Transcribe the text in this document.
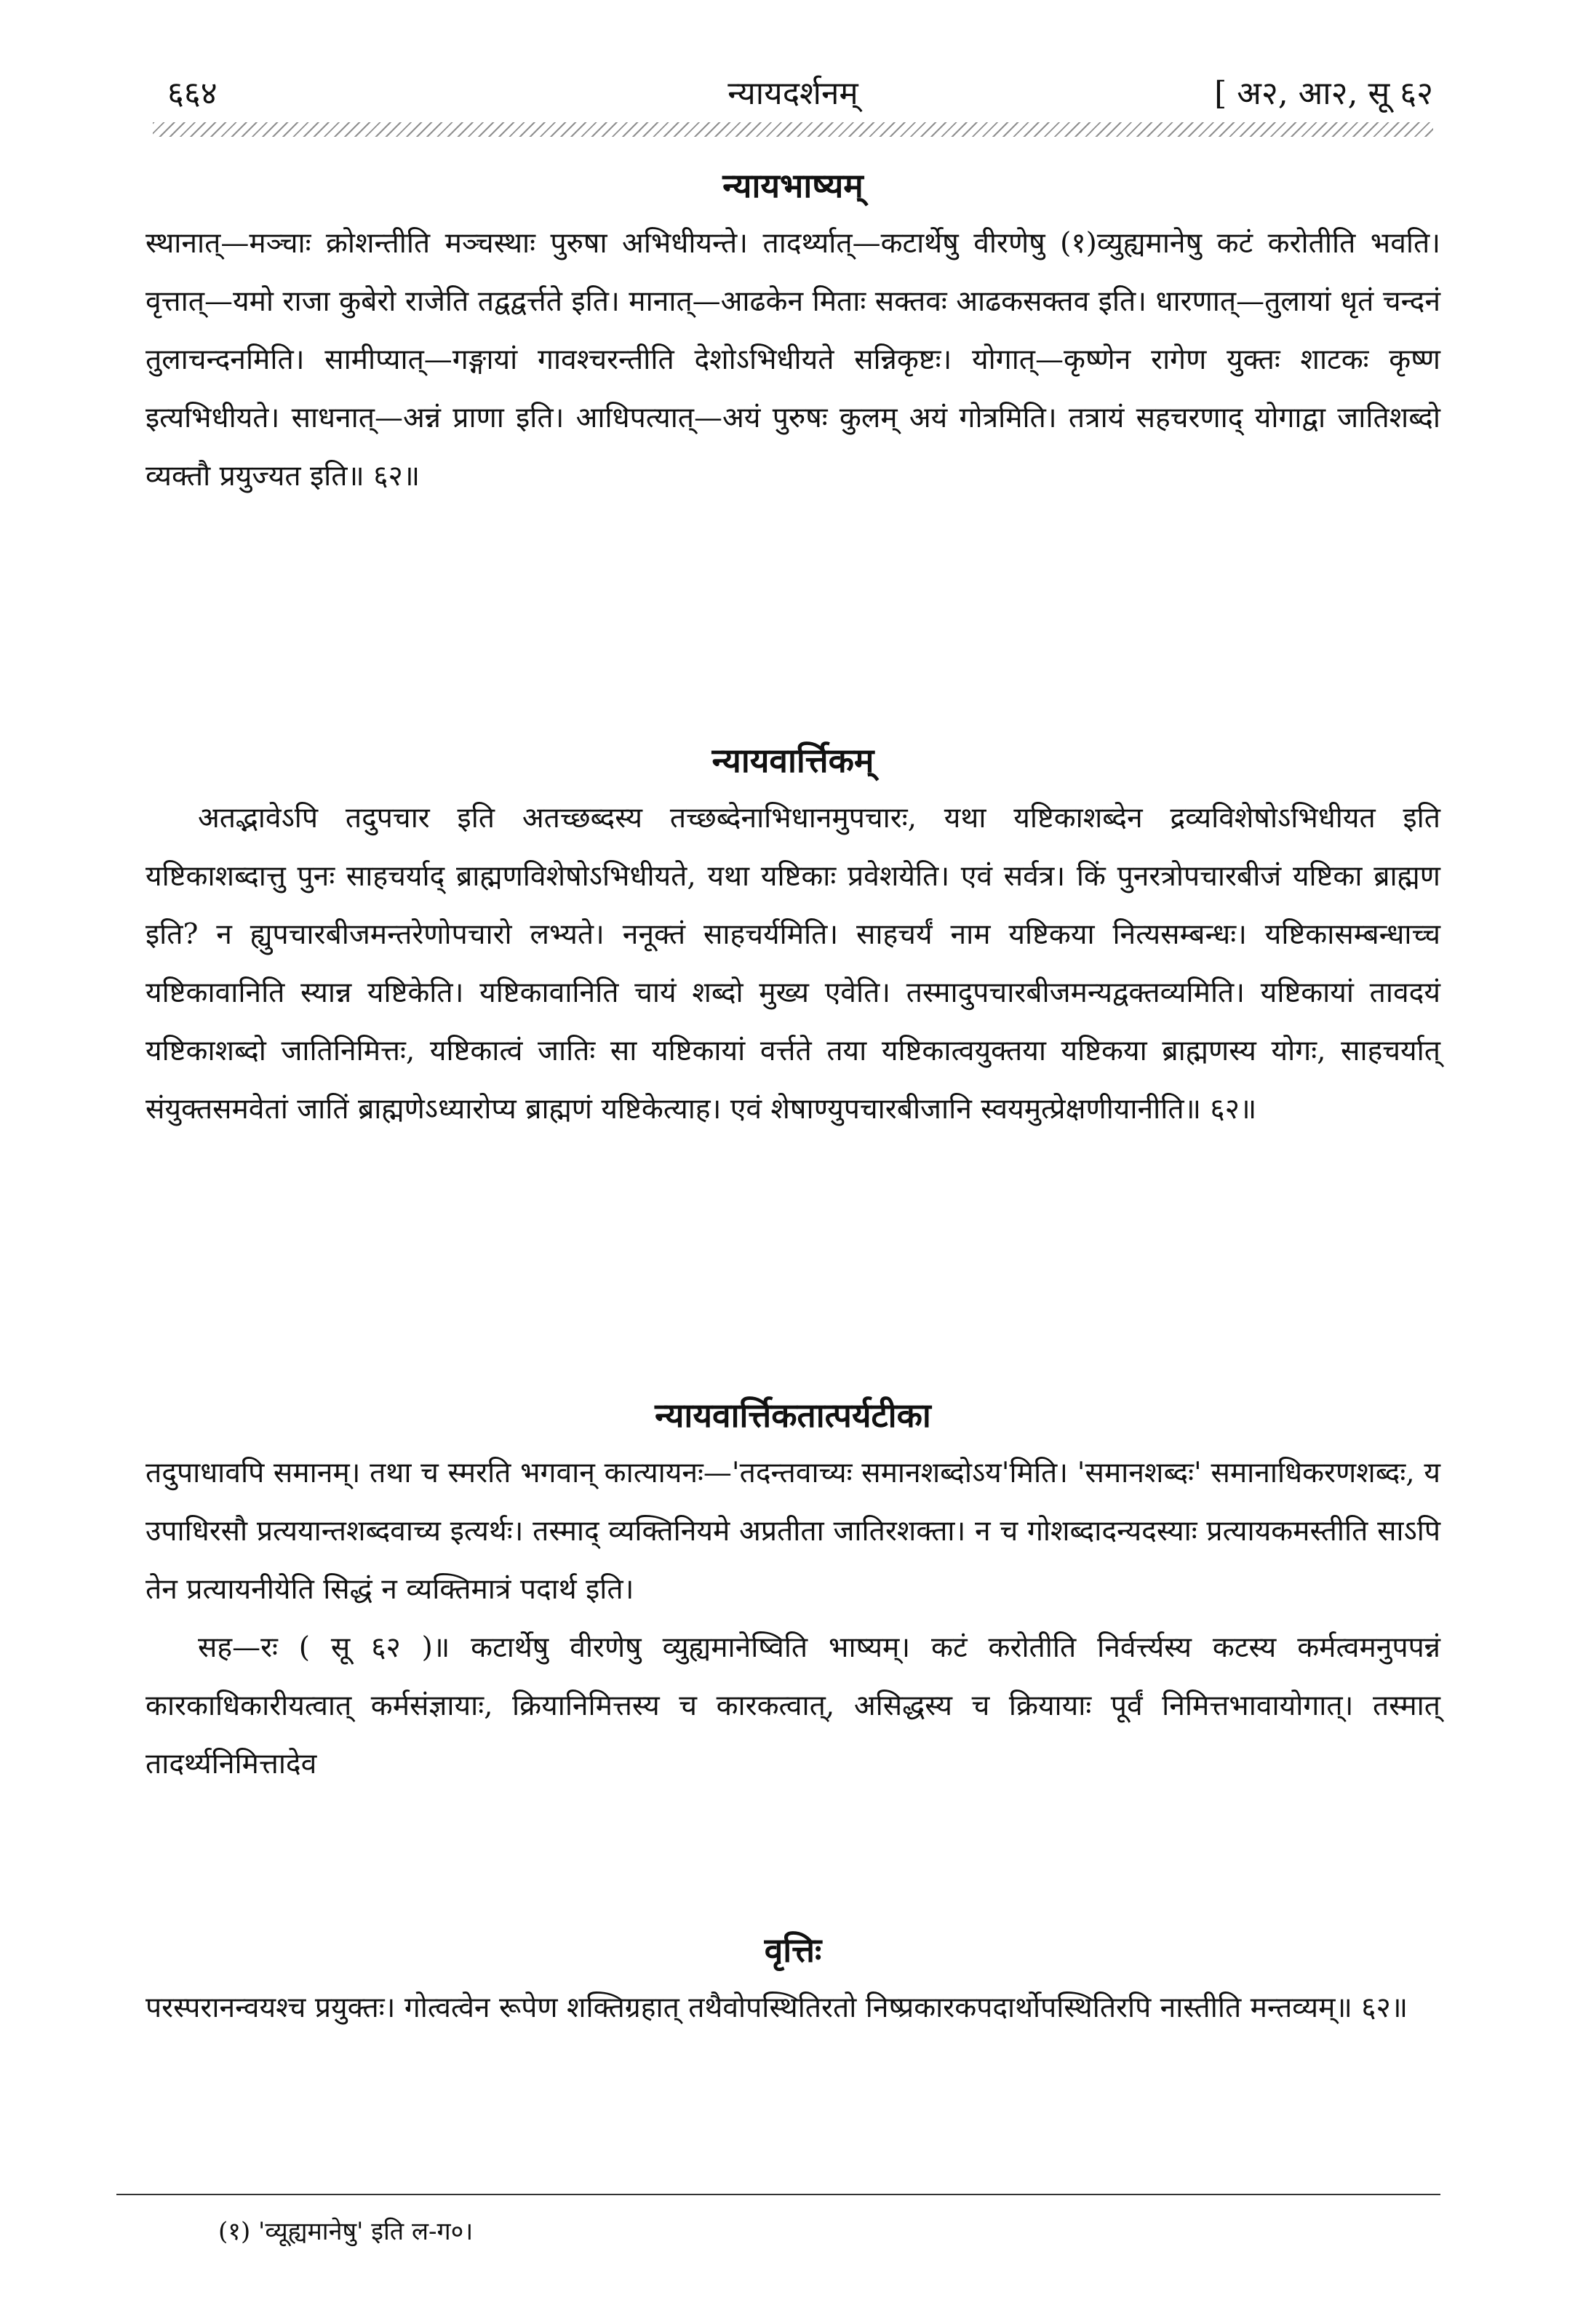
६६४	न्यायदर्शनम्	[ अ२, आ२, सू ६२
न्यायभाष्यम्

स्थानात्—मञ्चाः क्रोशन्तीति मञ्चस्थाः पुरुषा अभिधीयन्ते। तादर्थ्यात्—कटार्थेषु वीरणेषु (१)व्युह्यमानेषु कटं करोतीति भवति। वृत्तात्—यमो राजा कुबेरो राजेति तद्वद्वर्त्तते इति। मानात्—आढकेन मिताः सक्तवः आढकसक्तव इति। धारणात्—तुलायां धृतं चन्दनं तुलाचन्दनमिति। सामीप्यात्—गङ्गायां गावश्चरन्तीति देशोऽभिधीयते सन्निकृष्टः। योगात्—कृष्णेन रागेण युक्तः शाटकः कृष्ण इत्यभिधीयते। साधनात्—अन्नं प्राणा इति। आधिपत्यात्—अयं पुरुषः कुलम् अयं गोत्रमिति। तत्रायं सहचरणाद् योगाद्वा जातिशब्दो व्यक्तौ प्रयुज्यत इति॥ ६२॥

न्यायवार्त्तिकम्

अतद्भावेऽपि तदुपचार इति अतच्छब्दस्य तच्छब्देनाभिधानमुपचारः, यथा यष्टिकाशब्देन द्रव्यविशेषोऽभिधीयत इति यष्टिकाशब्दात्तु पुनः साहचर्याद् ब्राह्मणविशेषोऽभिधीयते, यथा यष्टिकाः प्रवेशयेति। एवं सर्वत्र। किं पुनरत्रोपचारबीजं यष्टिका ब्राह्मण इति? न ह्युपचारबीजमन्तरेणोपचारो लभ्यते। ननूक्तं साहचर्यमिति। साहचर्यं नाम यष्टिकया नित्यसम्बन्धः। यष्टिकासम्बन्धाच्च यष्टिकावानिति स्यान्न यष्टिकेति। यष्टिकावानिति चायं शब्दो मुख्य एवेति। तस्मादुपचारबीजमन्यद्वक्तव्यमिति। यष्टिकायां तावदयं यष्टिकाशब्दो जातिनिमित्तः, यष्टिकात्वं जातिः सा यष्टिकायां वर्त्तते तया यष्टिकात्वयुक्तया यष्टिकया ब्राह्मणस्य योगः, साहचर्यात् संयुक्तसमवेतां जातिं ब्राह्मणेऽध्यारोप्य ब्राह्मणं यष्टिकेत्याह। एवं शेषाण्युपचारबीजानि स्वयमुत्प्रेक्षणीयानीति॥ ६२॥

न्यायवार्त्तिकतात्पर्यटीका

तदुपाधावपि समानम्। तथा च स्मरति भगवान् कात्यायनः—'तदन्तवाच्यः समानशब्दोऽय'मिति। 'समानशब्दः' समानाधिकरणशब्दः, य उपाधिरसौ प्रत्ययान्तशब्दवाच्य इत्यर्थः। तस्माद् व्यक्तिनियमे अप्रतीता जातिरशक्ता। न च गोशब्दादन्यदस्याः प्रत्यायकमस्तीति साऽपि तेन प्रत्यायनीयेति सिद्धं न व्यक्तिमात्रं पदार्थ इति।

सह—रः ( सू ६२ )॥ कटार्थेषु वीरणेषु व्युह्यमानेष्विति भाष्यम्। कटं करोतीति निर्वर्त्त्यस्य कटस्य कर्मत्वमनुपपन्नं कारकाधिकारीयत्वात् कर्मसंज्ञायाः, क्रियानिमित्तस्य च कारकत्वात्, असिद्धस्य च क्रियायाः पूर्वं निमित्तभावायोगात्। तस्मात् तादर्थ्यनिमित्तादेव

वृत्तिः

परस्परानन्वयश्च प्रयुक्तः। गोत्वत्वेन रूपेण शक्तिग्रहात् तथैवोपस्थितिरतो निष्प्रकारकपदार्थोपस्थितिरपि नास्तीति मन्तव्यम्॥ ६२॥

(१) 'व्यूह्यमानेषु' इति ल-ग०।
